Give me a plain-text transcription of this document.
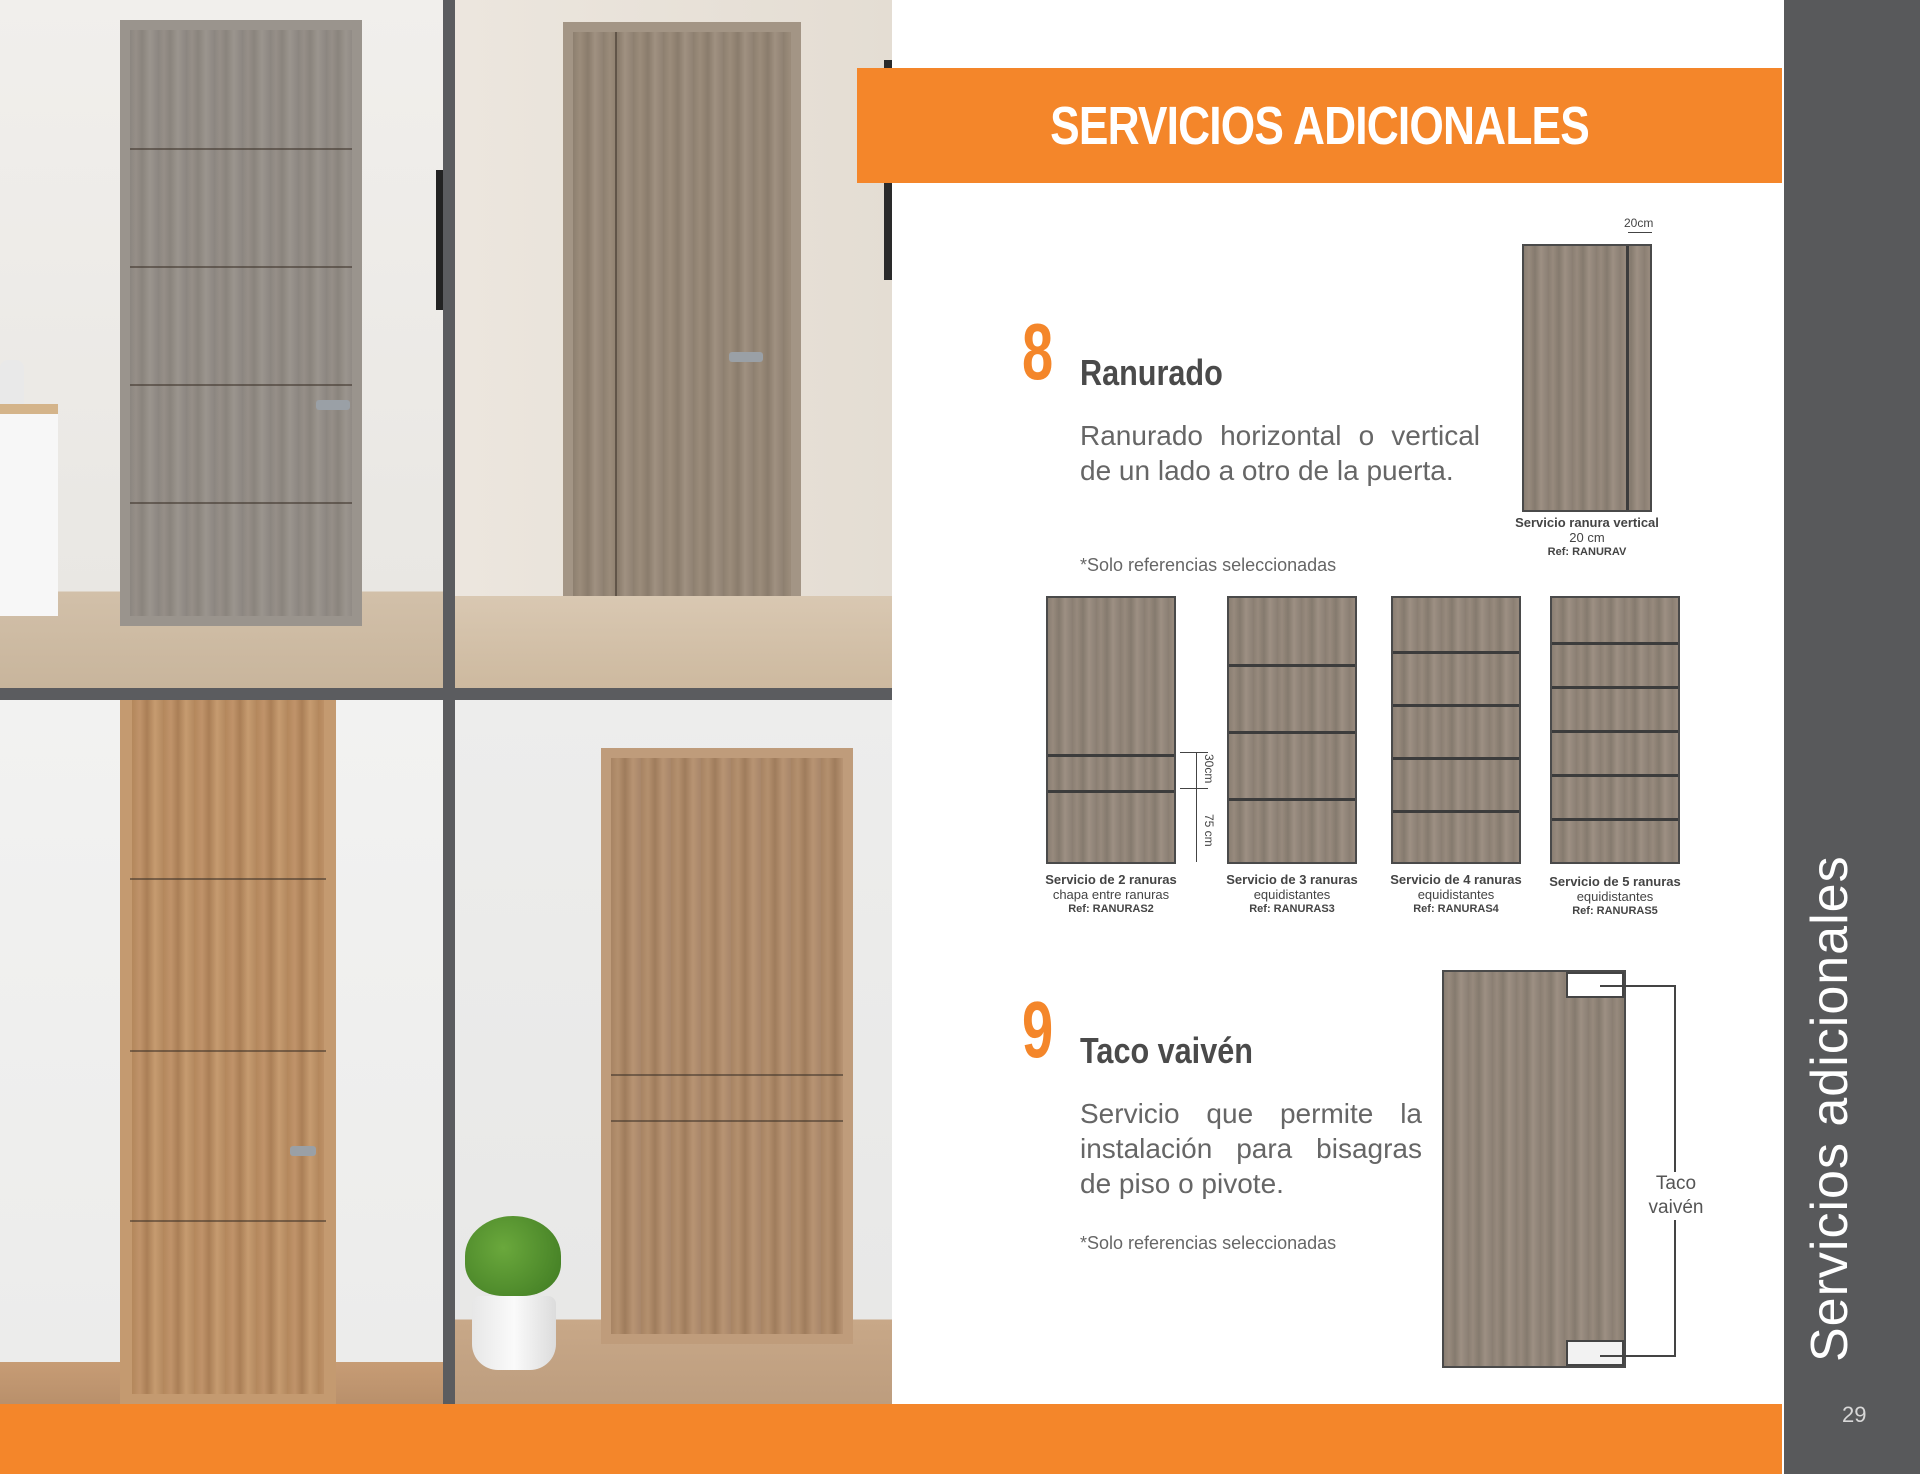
SERVICIOS ADICIONALES
8 Ranurado
Ranurado horizontal o vertical de un lado a otro de la puerta.
*Solo referencias seleccionadas
20cm
Servicio ranura vertical
20 cm
Ref: RANURAV
30cm
75 cm
Servicio de 2 ranuras
chapa entre ranuras
Ref: RANURAS2
Servicio de 3 ranuras
equidistantes
Ref: RANURAS3
Servicio de 4 ranuras
equidistantes
Ref: RANURAS4
Servicio de 5 ranuras
equidistantes
Ref: RANURAS5
9 Taco vaivén
Servicio que permite la instalación para bisagras de piso o pivote.
*Solo referencias seleccionadas
Taco
vaivén Servicios adicionales
29
